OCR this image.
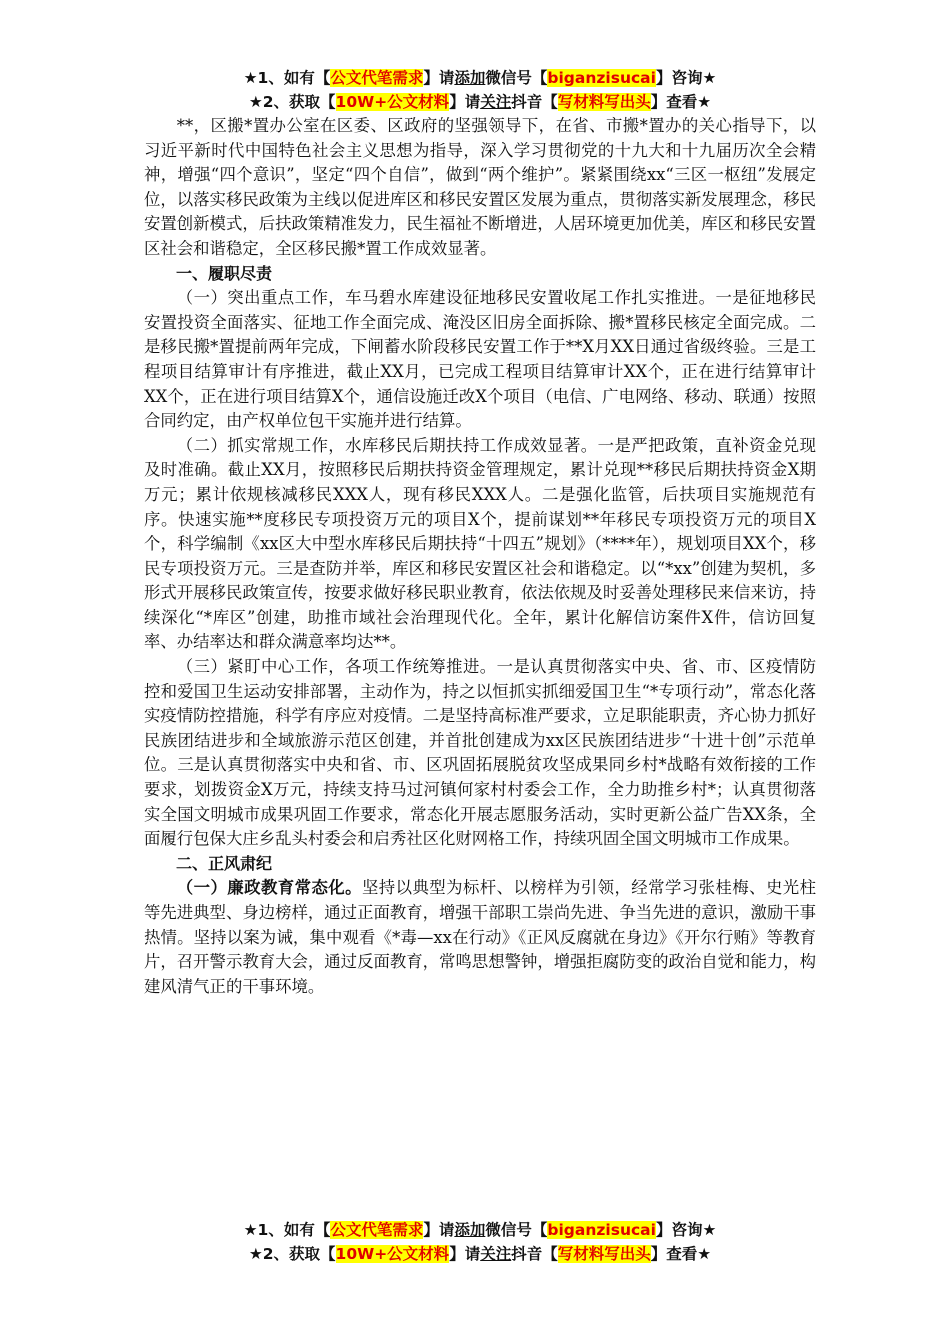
★1、如有【公文代笔需求】请添加微信号【biganzisucai】咨询★
★2、获取【10W+公文材料】请关注抖音【写材料写出头】查看★

**，区搬*置办公室在区委、区政府的坚强领导下，在省、市搬*置办的关心指导下，以习近平新时代中国特色社会主义思想为指导，深入学习贯彻党的十九大和十九届历次全会精神，增强“四个意识”，坚定“四个自信”，做到“两个维护”。紧紧围绕xx“三区一枢纽”发展定位，以落实移民政策为主线以促进库区和移民安置区发展为重点，贯彻落实新发展理念，移民安置创新模式，后扶政策精准发力，民生福祉不断增进，人居环境更加优美，库区和移民安置区社会和谐稳定，全区移民搬*置工作成效显著。

一、履职尽责

（一）突出重点工作，车马碧水库建设征地移民安置收尾工作扎实推进。一是征地移民安置投资全面落实、征地工作全面完成、淹没区旧房全面拆除、搬*置移民核定全面完成。二是移民搬*置提前两年完成，下闸蓄水阶段移民安置工作于**X月XX日通过省级终验。三是工程项目结算审计有序推进，截止XX月，已完成工程项目结算审计XX个，正在进行结算审计XX个，正在进行项目结算X个，通信设施迁改X个项目（电信、广电网络、移动、联通）按照合同约定，由产权单位包干实施并进行结算。

（二）抓实常规工作，水库移民后期扶持工作成效显著。一是严把政策，直补资金兑现及时准确。截止XX月，按照移民后期扶持资金管理规定，累计兑现**移民后期扶持资金X期万元；累计依规核减移民XXX人，现有移民XXX人。二是强化监管，后扶项目实施规范有序。快速实施**度移民专项投资万元的项目X个，提前谋划**年移民专项投资万元的项目X个，科学编制《xx区大中型水库移民后期扶持“十四五”规划》（****年），规划项目XX个，移民专项投资万元。三是查防并举，库区和移民安置区社会和谐稳定。以“*xx”创建为契机，多形式开展移民政策宣传，按要求做好移民职业教育，依法依规及时妥善处理移民来信来访，持续深化“*库区”创建，助推市域社会治理现代化。全年，累计化解信访案件X件，信访回复率、办结率达和群众满意率均达**。

（三）紧盯中心工作，各项工作统筹推进。一是认真贯彻落实中央、省、市、区疫情防控和爱国卫生运动安排部署，主动作为，持之以恒抓实抓细爱国卫生“*专项行动”，常态化落实疫情防控措施，科学有序应对疫情。二是坚持高标准严要求，立足职能职责，齐心协力抓好民族团结进步和全域旅游示范区创建，并首批创建成为xx区民族团结进步“十进十创”示范单位。三是认真贯彻落实中央和省、市、区巩固拓展脱贫攻坚成果同乡村*战略有效衔接的工作要求，划拨资金X万元，持续支持马过河镇何家村村委会工作，全力助推乡村*；认真贯彻落实全国文明城市成果巩固工作要求，常态化开展志愿服务活动，实时更新公益广告XX条，全面履行包保大庄乡乱头村委会和启秀社区化财网格工作，持续巩固全国文明城市工作成果。

二、正风肃纪

（一）廉政教育常态化。坚持以典型为标杆、以榜样为引领，经常学习张桂梅、史光柱等先进典型、身边榜样，通过正面教育，增强干部职工崇尚先进、争当先进的意识，激励干事热情。坚持以案为诫，集中观看《*毒—xx在行动》《正风反腐就在身边》《开尔行贿》等教育片，召开警示教育大会，通过反面教育，常鸣思想警钟，增强拒腐防变的政治自觉和能力，构建风清气正的干事环境。

★1、如有【公文代笔需求】请添加微信号【biganzisucai】咨询★
★2、获取【10W+公文材料】请关注抖音【写材料写出头】查看★
